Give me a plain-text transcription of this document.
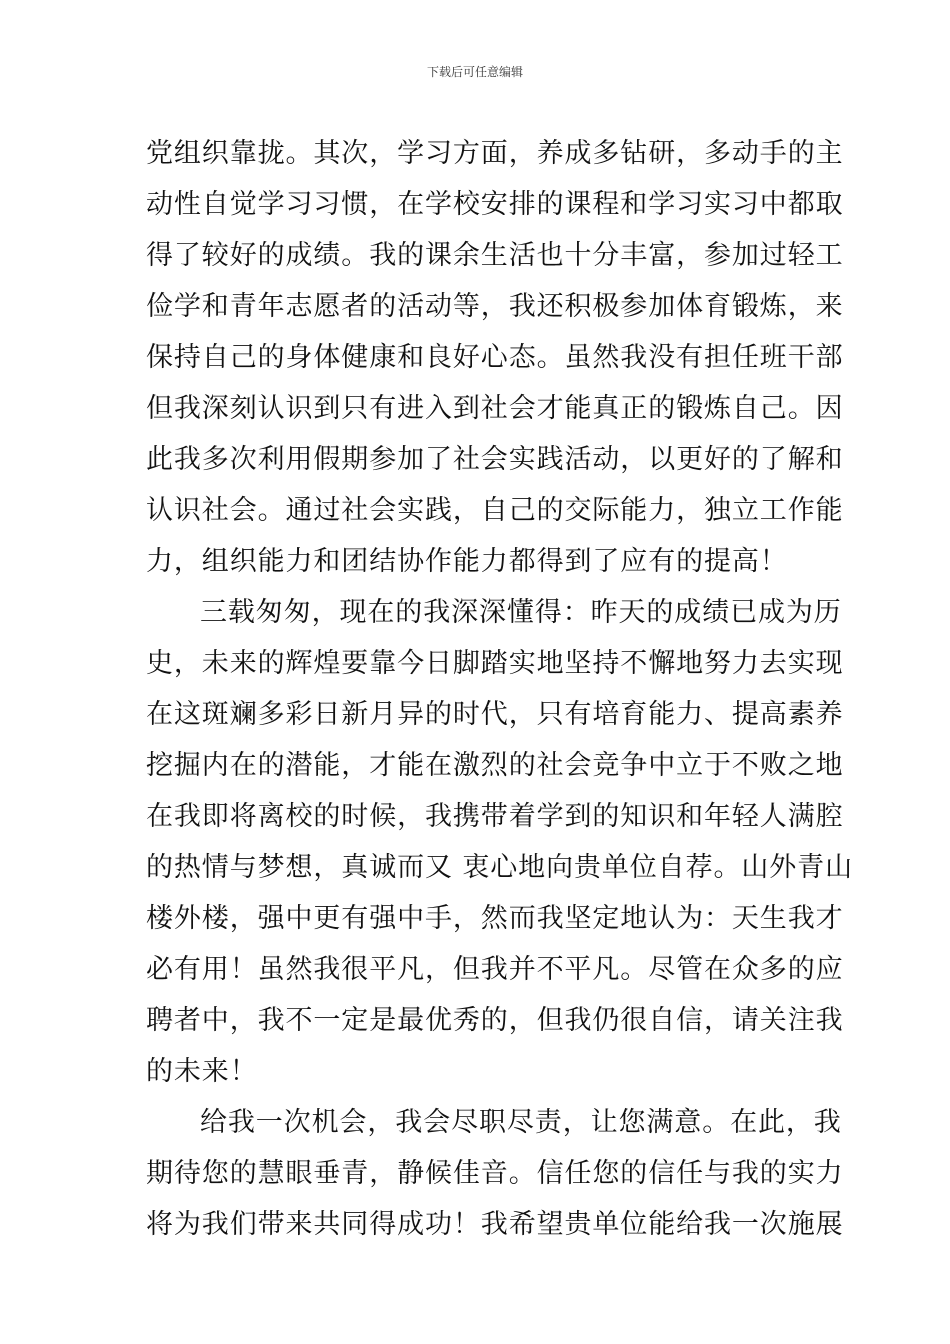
下载后可任意编辑
党组织靠拢。其次，学习方面，养成多钻研，多动手的主
动性自觉学习习惯，在学校安排的课程和学习实习中都取
得了较好的成绩。我的课余生活也十分丰富，参加过轻工
俭学和青年志愿者的活动等，我还积极参加体育锻炼，来
保持自己的身体健康和良好心态。虽然我没有担任班干部
但我深刻认识到只有进入到社会才能真正的锻炼自己。因
此我多次利用假期参加了社会实践活动，以更好的了解和
认识社会。通过社会实践，自己的交际能力，独立工作能
力，组织能力和团结协作能力都得到了应有的提高！
三载匆匆，现在的我深深懂得：昨天的成绩已成为历
史，未来的辉煌要靠今日脚踏实地坚持不懈地努力去实现
在这斑斓多彩日新月异的时代，只有培育能力、提高素养
挖掘内在的潜能，才能在激烈的社会竞争中立于不败之地
在我即将离校的时候，我携带着学到的知识和年轻人满腔
的热情与梦想，真诚而又 衷心地向贵单位自荐。山外青山
楼外楼，强中更有强中手，然而我坚定地认为：天生我才
必有用！虽然我很平凡，但我并不平凡。尽管在众多的应
聘者中，我不一定是最优秀的，但我仍很自信，请关注我
的未来！
给我一次机会，我会尽职尽责，让您满意。在此，我
期待您的慧眼垂青，静候佳音。信任您的信任与我的实力
将为我们带来共同得成功！我希望贵单位能给我一次施展
